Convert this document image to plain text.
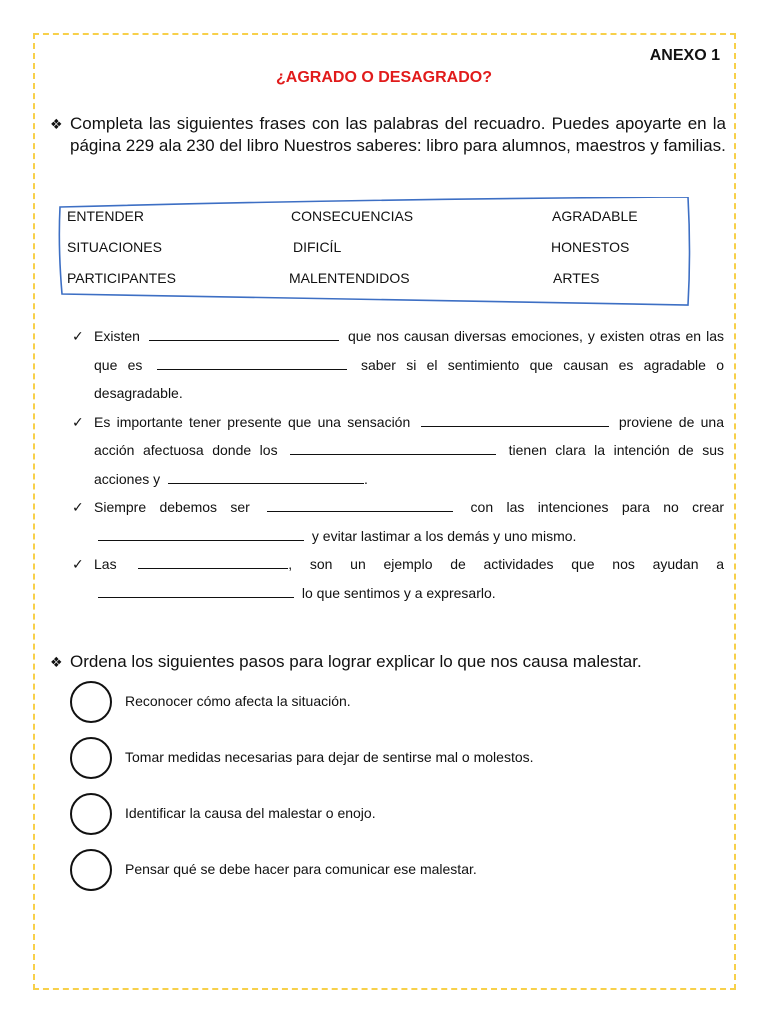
ANEXO 1
¿AGRADO O DESAGRADO?
❖ Completa las siguientes frases con las palabras del recuadro. Puedes apoyarte en la página 229 ala 230 del libro Nuestros saberes: libro para alumnos, maestros y familias.
ENTENDER	CONSECUENCIAS	AGRADABLE
SITUACIONES	DIFICÍL	HONESTOS
PARTICIPANTES	MALENTENDIDOS	ARTES
✓ Existen	que nos causan diversas emociones, y existen otras en las que es	saber si el sentimiento que causan es agradable o desagradable.
✓ Es importante tener presente que una sensación	proviene de una acción afectuosa donde los	tienen clara la intención de sus acciones y	.
✓ Siempre debemos ser	con las intenciones para no crear  y evitar lastimar a los demás y uno mismo.
✓ Las	, son un ejemplo de actividades que nos ayudan a  lo que sentimos y a expresarlo.
❖ Ordena los siguientes pasos para lograr explicar lo que nos causa malestar.
Reconocer cómo afecta la situación.
Tomar medidas necesarias para dejar de sentirse mal o molestos.
Identificar la causa del malestar o enojo.
Pensar qué se debe hacer para comunicar ese malestar.
